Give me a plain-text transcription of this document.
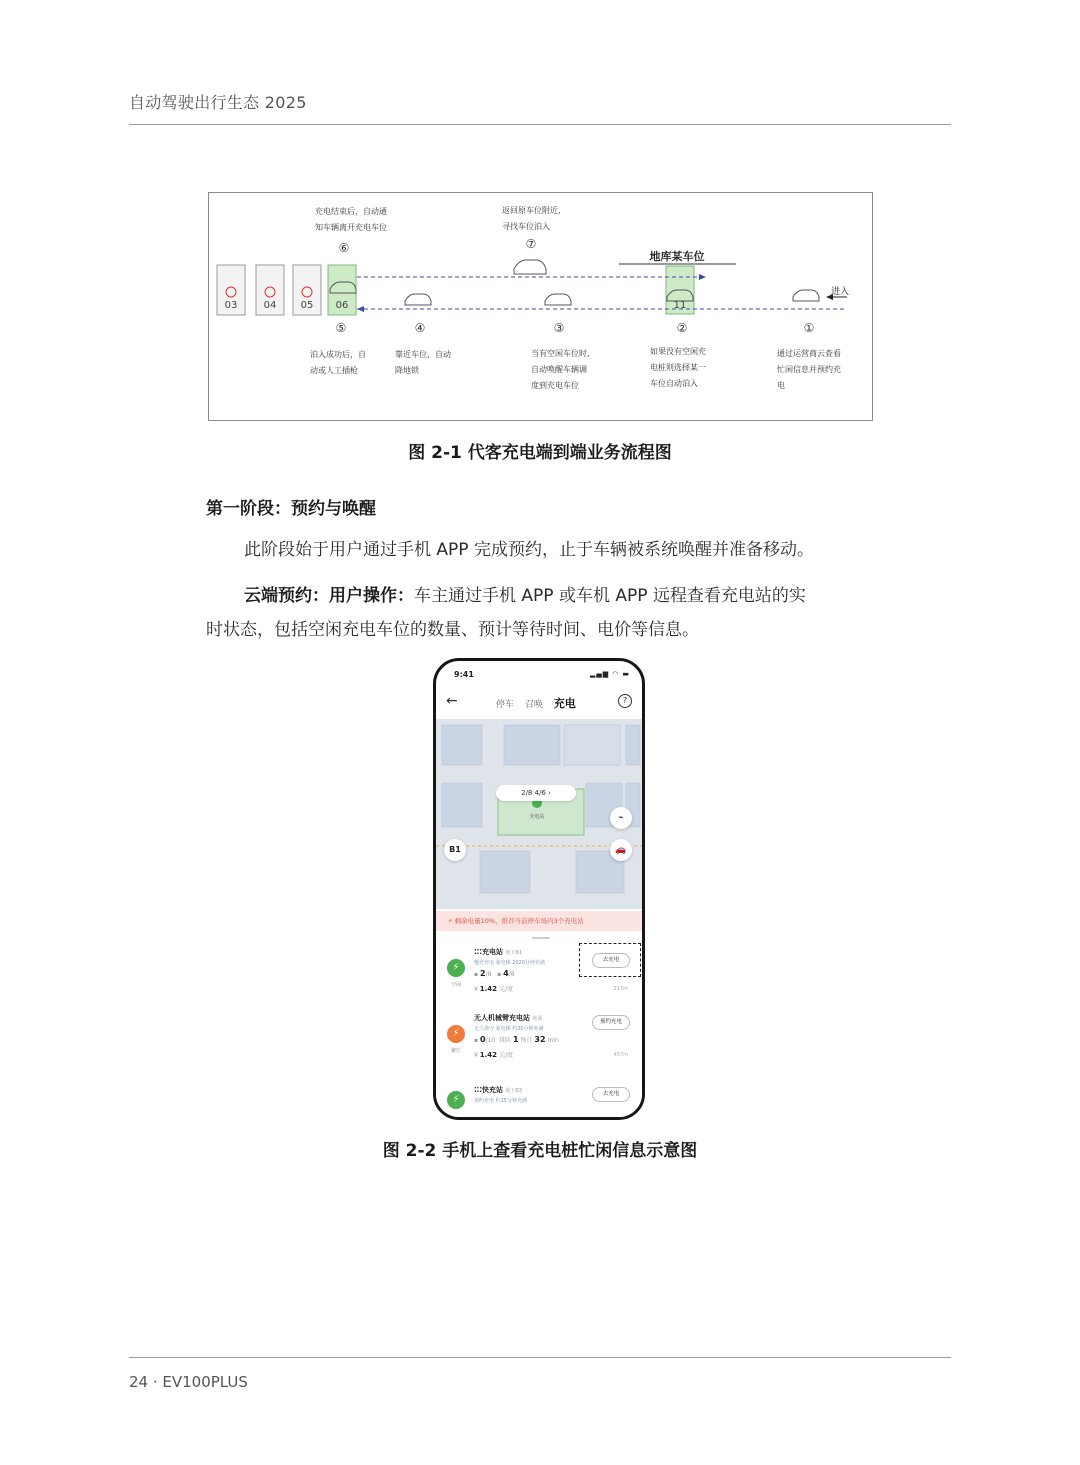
自动驾驶出行生态 2025
03	04 05 06
地库某车位
11
进入
①
②
③
④
⑤
⑥	⑦
通过运营商云查看
忙闲信息并预约充
电
如果没有空闲充
电桩则选择某一
车位自动泊入
当有空闲车位时,
自动唤醒车辆调
度到充电车位
靠近车位，自动
降地锁
泊入成功后，自
动或人工插枪
充电结束后，自动通
知车辆离开充电车位
返回原车位附近,
寻找车位泊入
图 2-1 代客充电端到端业务流程图
第一阶段：预约与唤醒
此阶段始于用户通过手机 APP 完成预约，止于车辆被系统唤醒并准备移动。
云端预约：用户操作：车主通过手机 APP 或车机 APP 远程查看充电站的实
时状态，包括空闲充电车位的数量、预计等待时间、电价等信息。
9:41	▂▄▆ ◠ ▬
←	停车 召唤 充电	?
充电站
2/8 4/6 ›
B1
⌁
🚗
⚡ 剩余电量10%，推荐当前停车场内3个充电站
⚡
空闲
⁚⁚⁚充电站 地下B1
慢充充电 靠电梯 2020分钟充满
▪ 2/8   ▪ 4/8
¥ 1.42 元/度	217m
去充电
⚡
繁忙
无人机械臂充电站 地面
无人值守 靠电梯 约30分钟充满
▪ 0/10 排队 1 预计 32 min
¥ 1.42 元/度	457m
预约充电
⚡
⁚⁚⁚快充站 地下B3
预约充电 约15分钟充满
去充电
图 2-2 手机上查看充电桩忙闲信息示意图
24 · EV100PLUS
